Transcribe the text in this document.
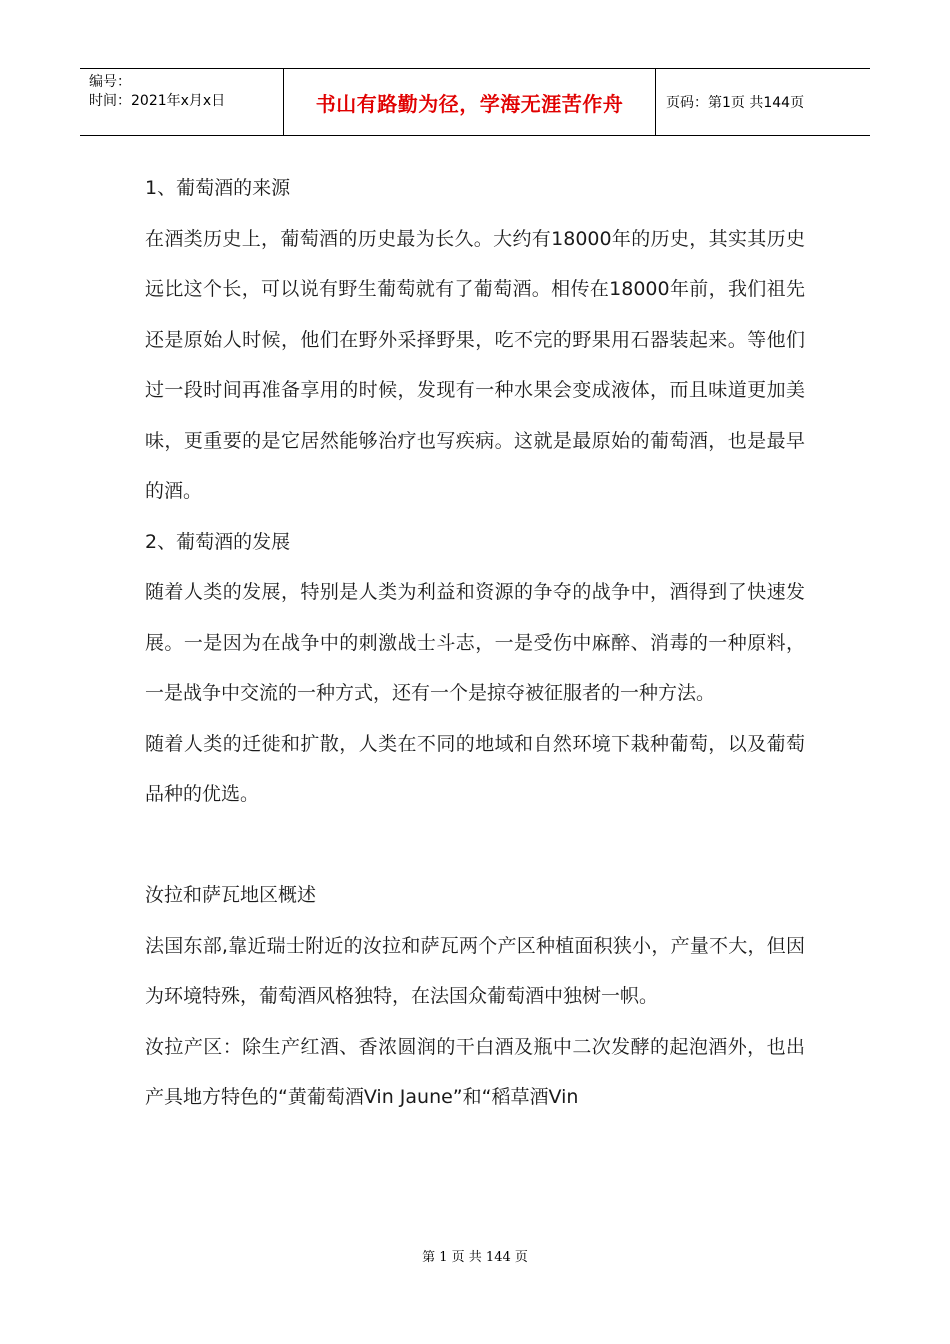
编号：
时间：2021年x月x日	书山有路勤为径，学海无涯苦作舟	页码：第1页 共144页

1、葡萄酒的来源

在酒类历史上，葡萄酒的历史最为长久。大约有18000年的历史，其实其历史远比这个长，可以说有野生葡萄就有了葡萄酒。相传在18000年前，我们祖先还是原始人时候，他们在野外采择野果，吃不完的野果用石器装起来。等他们过一段时间再准备享用的时候，发现有一种水果会变成液体，而且味道更加美味，更重要的是它居然能够治疗也写疾病。这就是最原始的葡萄酒，也是最早的酒。

2、葡萄酒的发展

随着人类的发展，特别是人类为利益和资源的争夺的战争中，酒得到了快速发展。一是因为在战争中的刺激战士斗志，一是受伤中麻醉、消毒的一种原料，一是战争中交流的一种方式，还有一个是掠夺被征服者的一种方法。

随着人类的迁徙和扩散，人类在不同的地域和自然环境下栽种葡萄，以及葡萄品种的优选。

汝拉和萨瓦地区概述

法国东部,靠近瑞士附近的汝拉和萨瓦两个产区种植面积狭小，产量不大，但因为环境特殊，葡萄酒风格独特，在法国众葡萄酒中独树一帜。

汝拉产区：除生产红酒、香浓圆润的干白酒及瓶中二次发酵的起泡酒外，也出产具地方特色的“黄葡萄酒Vin Jaune”和“稻草酒Vin

第 1 页 共 144 页
